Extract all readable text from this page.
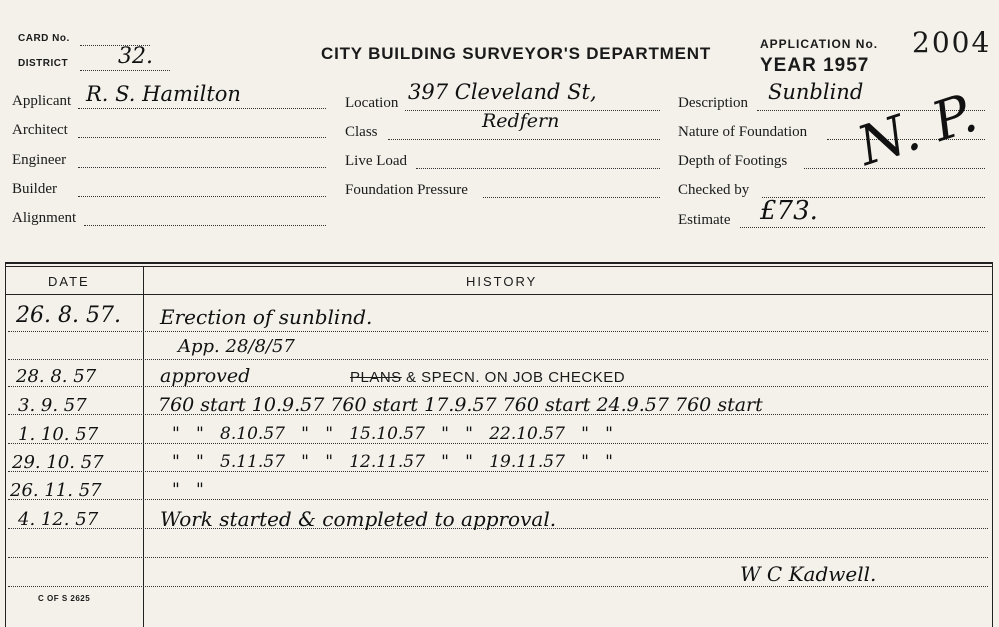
CARD No.
DISTRICT 32.	CITY BUILDING SURVEYOR'S DEPARTMENT	APPLICATION No. 2004
YEAR 1957
Applicant R. S. Hamilton
Architect
Engineer
Builder
Alignment
Location 397 Cleveland St,
Redfern
Class
Live Load
Foundation Pressure
Description Sunblind
Nature of Foundation
Depth of Footings
Checked by
N. P.
Estimate £73.
DATE	HISTORY
26. 8. 57. Erection of sunblind.
App. 28/8/57
28. 8. 57	approved	PLANS & SPECN. ON JOB CHECKED
3. 9. 57	760 start 10.9.57 760 start 17.9.57 760 start 24.9.57 760 start
1. 10. 57	"   "   8.10.57   "   "   15.10.57   "   "   22.10.57   "   "
29. 10. 57	"   "   5.11.57   "   "   12.11.57   "   "   19.11.57   "   "
26. 11. 57	"   "
4. 12. 57	Work started & completed to approval.
W C Kadwell.
C OF S 2625
